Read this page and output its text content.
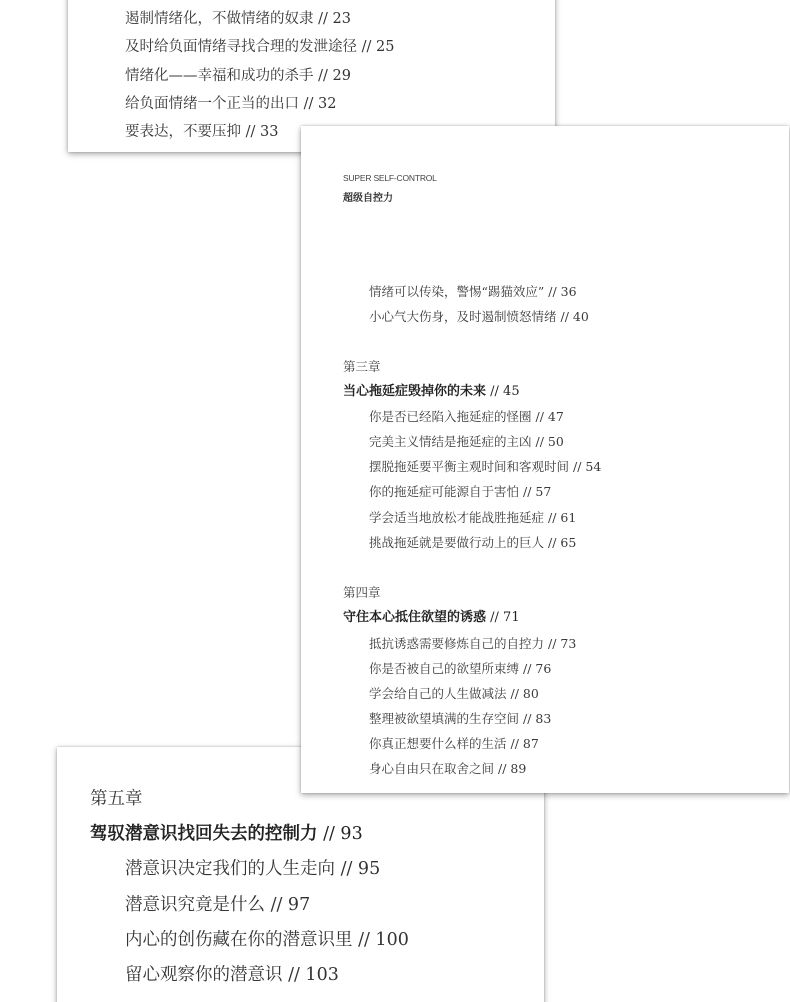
遏制情绪化，不做情绪的奴隶 // 23
及时给负面情绪寻找合理的发泄途径 // 25
情绪化——幸福和成功的杀手 // 29
给负面情绪一个正当的出口 // 32
要表达，不要压抑 // 33
第五章
驾驭潜意识找回失去的控制力 // 93
潜意识决定我们的人生走向 // 95
潜意识究竟是什么 // 97
内心的创伤藏在你的潜意识里 // 100
留心观察你的潜意识 // 103
SUPER SELF-CONTROL
超级自控力
情绪可以传染，警惕“踢猫效应” // 36
小心气大伤身，及时遏制愤怒情绪 // 40
第三章
当心拖延症毁掉你的未来 // 45
你是否已经陷入拖延症的怪圈 // 47
完美主义情结是拖延症的主凶 // 50
摆脱拖延要平衡主观时间和客观时间 // 54
你的拖延症可能源自于害怕 // 57
学会适当地放松才能战胜拖延症 // 61
挑战拖延就是要做行动上的巨人 // 65
第四章
守住本心抵住欲望的诱惑 // 71
抵抗诱惑需要修炼自己的自控力 // 73
你是否被自己的欲望所束缚 // 76
学会给自己的人生做减法 // 80
整理被欲望填满的生存空间 // 83
你真正想要什么样的生活 // 87
身心自由只在取舍之间 // 89
